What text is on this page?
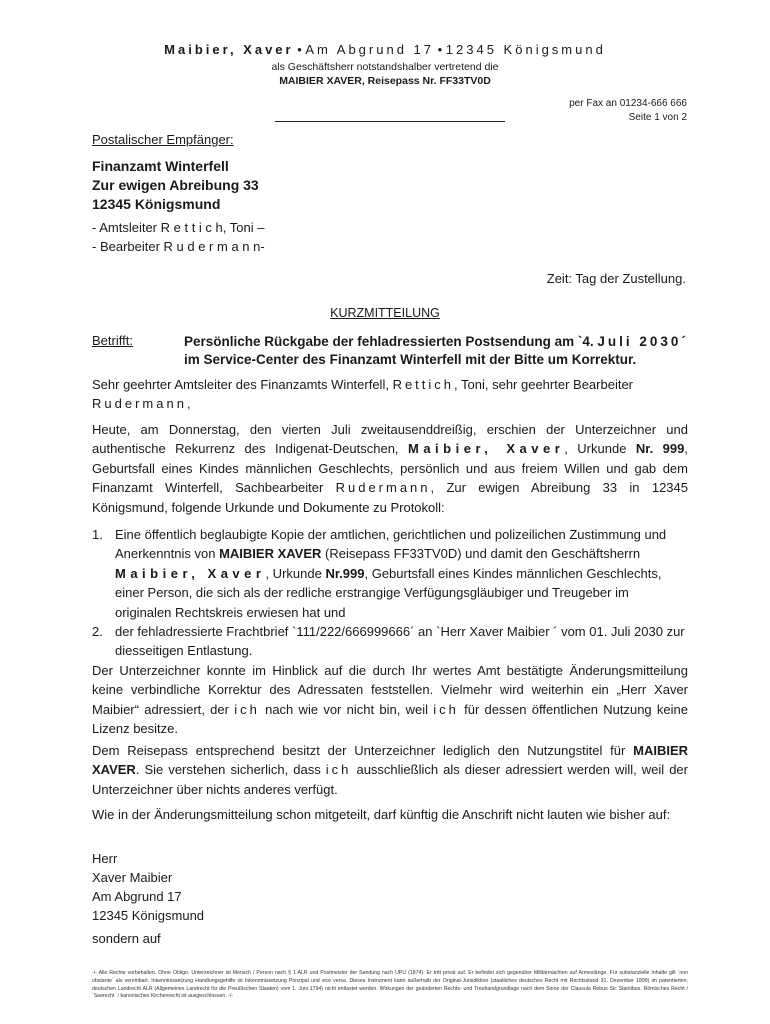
Maibier, Xaver • Am Abgrund 17 • 12345 Königsmund
als Geschäftsherr notstandshalber vertretend die
MAIBIER XAVER, Reisepass Nr. FF33TV0D
per Fax an 01234-666 666
Seite 1 von 2
Postalischer Empfänger:
Finanzamt Winterfell
Zur ewigen Abreibung 33
12345 Königsmund
- Amtsleiter R e t t i c h, Toni –
- Bearbeiter R u d e r m a n n-
Zeit: Tag der Zustellung.
KURZMITTEILUNG
Betrifft:	Persönliche Rückgabe der fehladressierten Postsendung am `4. Juli 2030´
im Service-Center des Finanzamt Winterfell mit der Bitte um Korrektur.
Sehr geehrter Amtsleiter des Finanzamts Winterfell, Rettich, Toni, sehr geehrter Bearbeiter Rudermann,
Heute, am Donnerstag, den vierten Juli zweitausenddreißig, erschien der Unterzeichner und authentische Rekurrenz des Indigenat-Deutschen, Maibier, Xaver, Urkunde Nr. 999, Geburtsfall eines Kindes männlichen Geschlechts, persönlich und aus freiem Willen und gab dem Finanzamt Winterfell, Sachbearbeiter Rudermann, Zur ewigen Abreibung 33 in 12345 Königsmund, folgende Urkunde und Dokumente zu Protokoll:
1. Eine öffentlich beglaubigte Kopie der amtlichen, gerichtlichen und polizeilichen Zustimmung und Anerkenntnis von MAIBIER XAVER (Reisepass FF33TV0D) und damit den Geschäftsherrn Maibier, Xaver, Urkunde Nr.999, Geburtsfall eines Kindes männlichen Geschlechts, einer Person, die sich als der redliche erstrangige Verfügungsgläubiger und Treugeber im originalen Rechtskreis erwiesen hat und
2. der fehladressierte Frachtbrief `111/222/666999666´ an `Herr Xaver Maibier ´ vom 01. Juli 2030 zur diesseitigen Entlastung.
Der Unterzeichner konnte im Hinblick auf die durch Ihr wertes Amt bestätigte Änderungsmitteilung keine verbindliche Korrektur des Adressaten feststellen. Vielmehr wird weiterhin ein „Herr Xaver Maibier“ adressiert, der ich nach wie vor nicht bin, weil ich für dessen öffentlichen Nutzung keine Lizenz besitze.
Dem Reisepass entsprechend besitzt der Unterzeichner lediglich den Nutzungstitel für MAIBIER XAVER. Sie verstehen sicherlich, dass ich ausschließlich als dieser adressiert werden will, weil der Unterzeichner über nichts anderes verfügt.
Wie in der Änderungsmitteilung schon mitgeteilt, darf künftig die Anschrift nicht lauten wie bisher auf:
Herr
Xaver Maibier
Am Abgrund 17
12345 Königsmund
sondern auf
-/- Alle Rechte vorbehalten. Ohne Obligo. Unterzeichner ist Mensch / Person nach § 1 ALR und Postmeister der Sendung nach UPU (1874). Er tritt privat auf. Er befindet sich gegenüber Militärmächten auf Armeslänge. Für substanzielle Inhalte gilt `non obstante´ als vereinbart. Inkenntnissetzung Handlungsgehilfe ist Inkenntnissetzung Prinzipal und vice versa. Dieses Instrument kann außerhalb der Original-Jurisdiktion (staatliches deutsches Recht mit Rechtsstand 31. Dezember 1899) im patentierten, deutschen Landrecht ALR (Allgemeines Landrecht für die Preußischen Staaten) vom 1. Juni 1794) nicht entlastet werden. Wirkungen der geänderten Rechts- und Treuhandgrundlage nach dem Sinne der Clausula Rebus Sic Stantibus. Römisches Recht / `Seerecht´ / kanonisches Kirchenrecht ist ausgeschlossen. -/-
